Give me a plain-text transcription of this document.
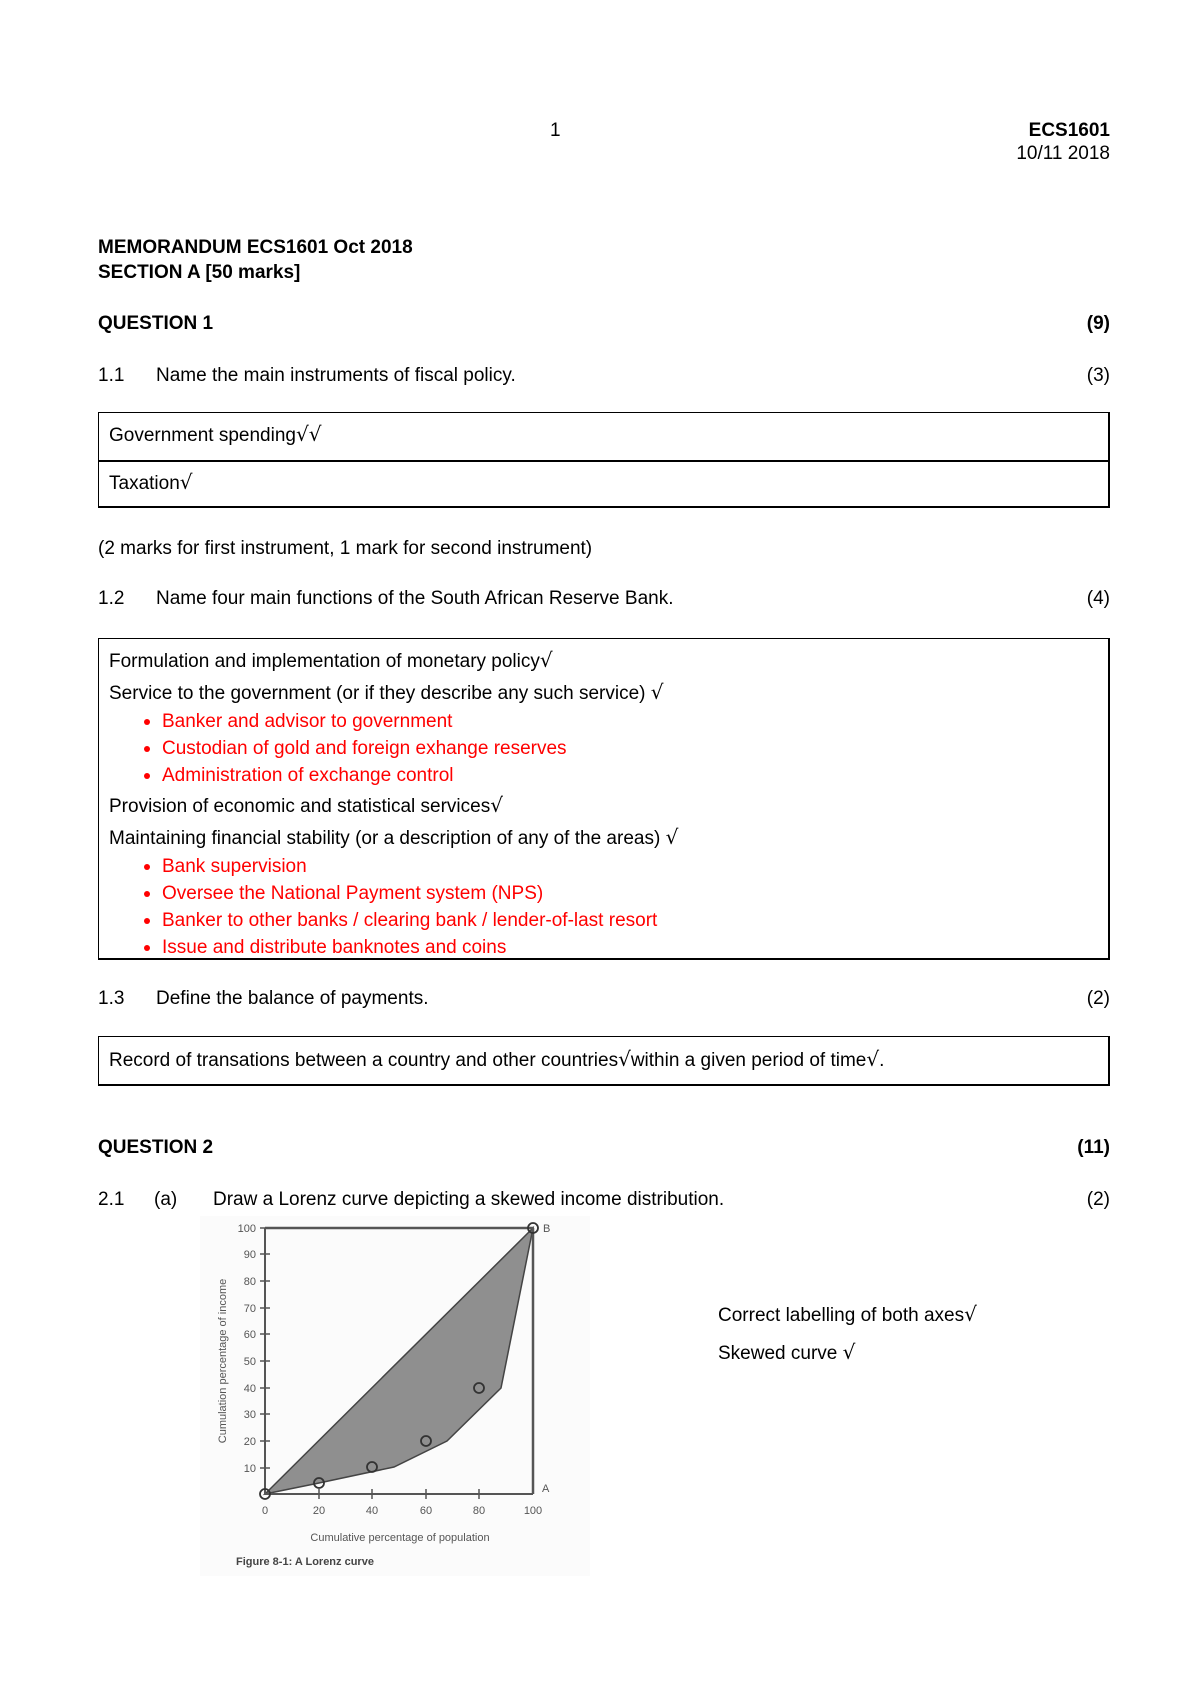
1	ECS1601
10/11 2018
MEMORANDUM ECS1601 Oct 2018
SECTION A [50 marks]
QUESTION 1	(9)
1.1 Name the main instruments of fiscal policy.	(3)
Government spending√√
Taxation√
(2 marks for first instrument, 1 mark for second instrument)
1.2 Name four main functions of the South African Reserve Bank.	(4)
Formulation and implementation of monetary policy√
Service to the government (or if they describe any such service) √
Banker and advisor to government
Custodian of gold and foreign exhange reserves
Administration of exchange control
Provision of economic and statistical services√
Maintaining financial stability (or a description of any of the areas) √
Bank supervision
Oversee the National Payment system (NPS)
Banker to other banks / clearing bank / lender-of-last resort
Issue and distribute banknotes and coins
1.3 Define the balance of payments.	(2)
Record of transations between a country and other countries√within a given period of time√.
QUESTION 2	(11)
2.1 (a) Draw a Lorenz curve depicting a skewed income distribution.	(2)
10
20
30
40
50
60
70
80
90
100
0	20	40	60	80	100
B
A
Cumulative percentage of population
Cumulation percentage of income
Figure 8-1: A Lorenz curve
Correct labelling of both axes√
Skewed curve √
